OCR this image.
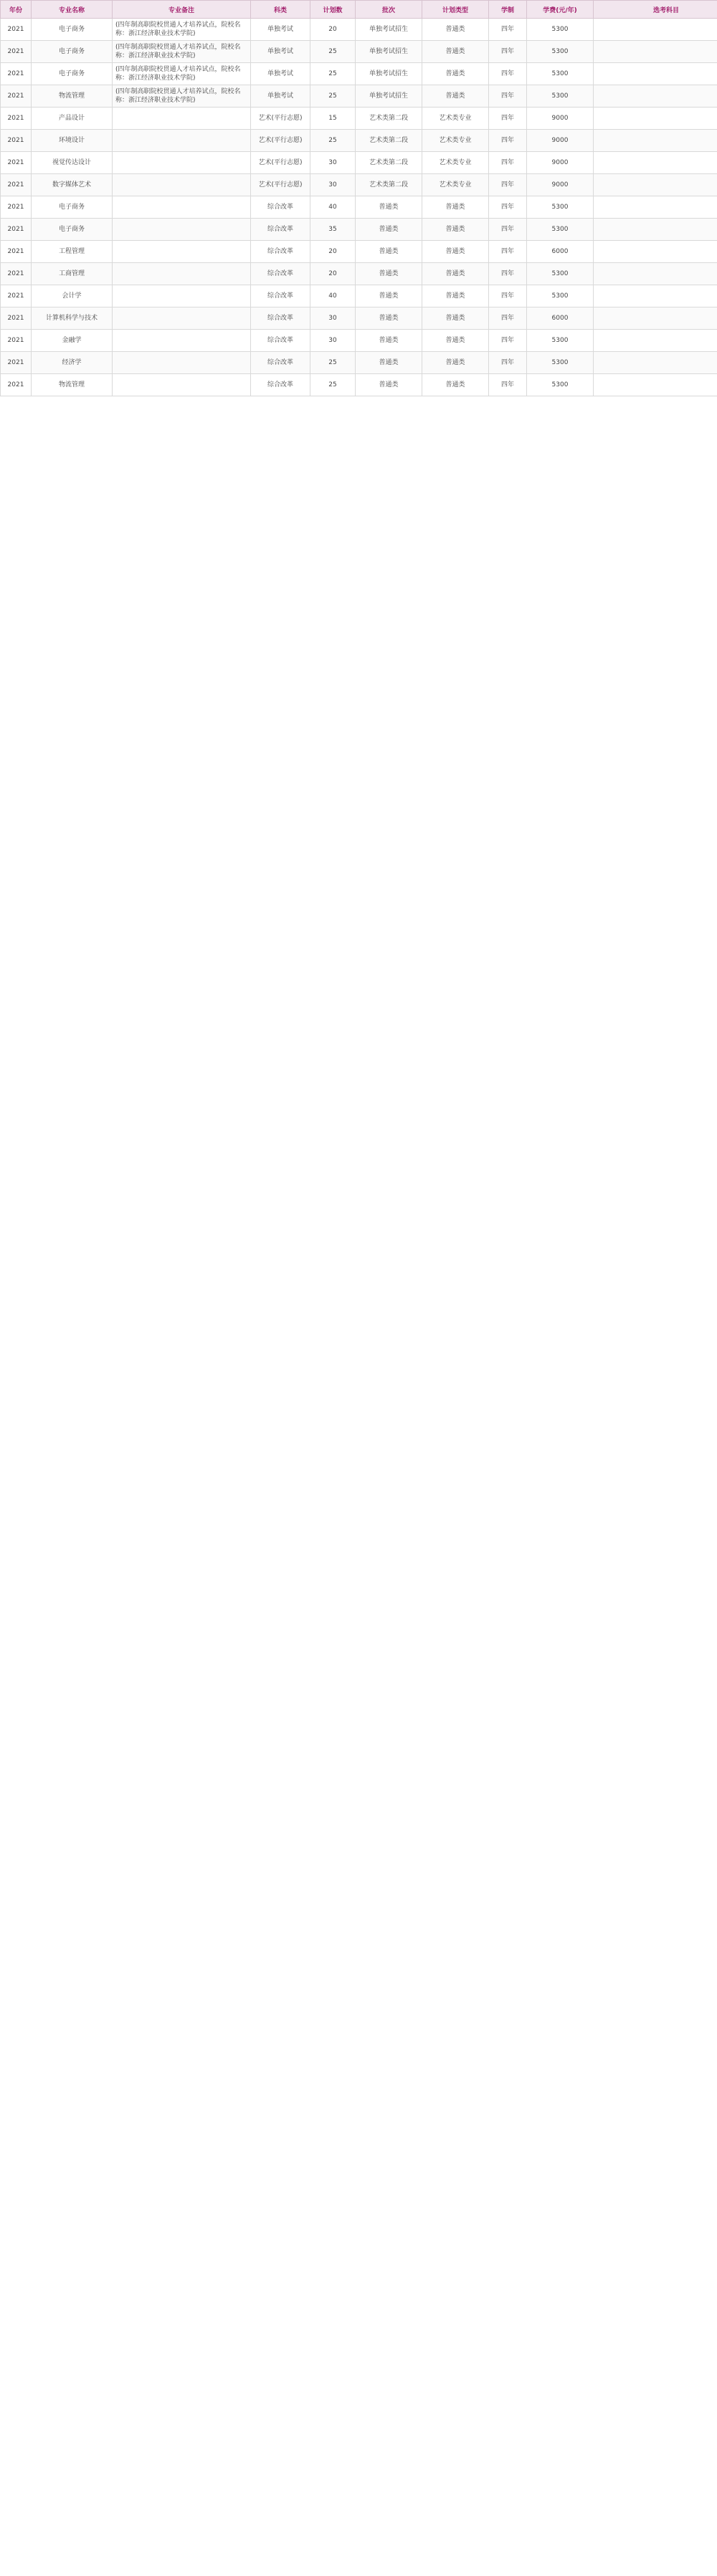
年份	专业名称	专业备注	科类	计划数	批次	计划类型	学制	学费(元/年)	选考科目
2021	电子商务	(四年制高职院校贯通人才培养试点，院校名称：浙江经济职业技术学院)	单独考试	20	单独考试招生	普通类	四年	5300	
2021	电子商务	(四年制高职院校贯通人才培养试点，院校名称：浙江经济职业技术学院)	单独考试	25	单独考试招生	普通类	四年	5300	
2021	电子商务	(四年制高职院校贯通人才培养试点，院校名称：浙江经济职业技术学院)	单独考试	25	单独考试招生	普通类	四年	5300	
2021	物流管理	(四年制高职院校贯通人才培养试点，院校名称：浙江经济职业技术学院)	单独考试	25	单独考试招生	普通类	四年	5300	
2021	产品设计		艺术(平行志愿)	15	艺术类第二段	艺术类专业	四年	9000	
2021	环境设计		艺术(平行志愿)	25	艺术类第二段	艺术类专业	四年	9000	
2021	视觉传达设计		艺术(平行志愿)	30	艺术类第二段	艺术类专业	四年	9000	
2021	数字媒体艺术		艺术(平行志愿)	30	艺术类第二段	艺术类专业	四年	9000	
2021	电子商务		综合改革	40	普通类	普通类	四年	5300	
2021	电子商务		综合改革	35	普通类	普通类	四年	5300	
2021	工程管理		综合改革	20	普通类	普通类	四年	6000	
2021	工商管理		综合改革	20	普通类	普通类	四年	5300	
2021	会计学		综合改革	40	普通类	普通类	四年	5300	
2021	计算机科学与技术		综合改革	30	普通类	普通类	四年	6000	
2021	金融学		综合改革	30	普通类	普通类	四年	5300	
2021	经济学		综合改革	25	普通类	普通类	四年	5300	
2021	物流管理		综合改革	25	普通类	普通类	四年	5300	
